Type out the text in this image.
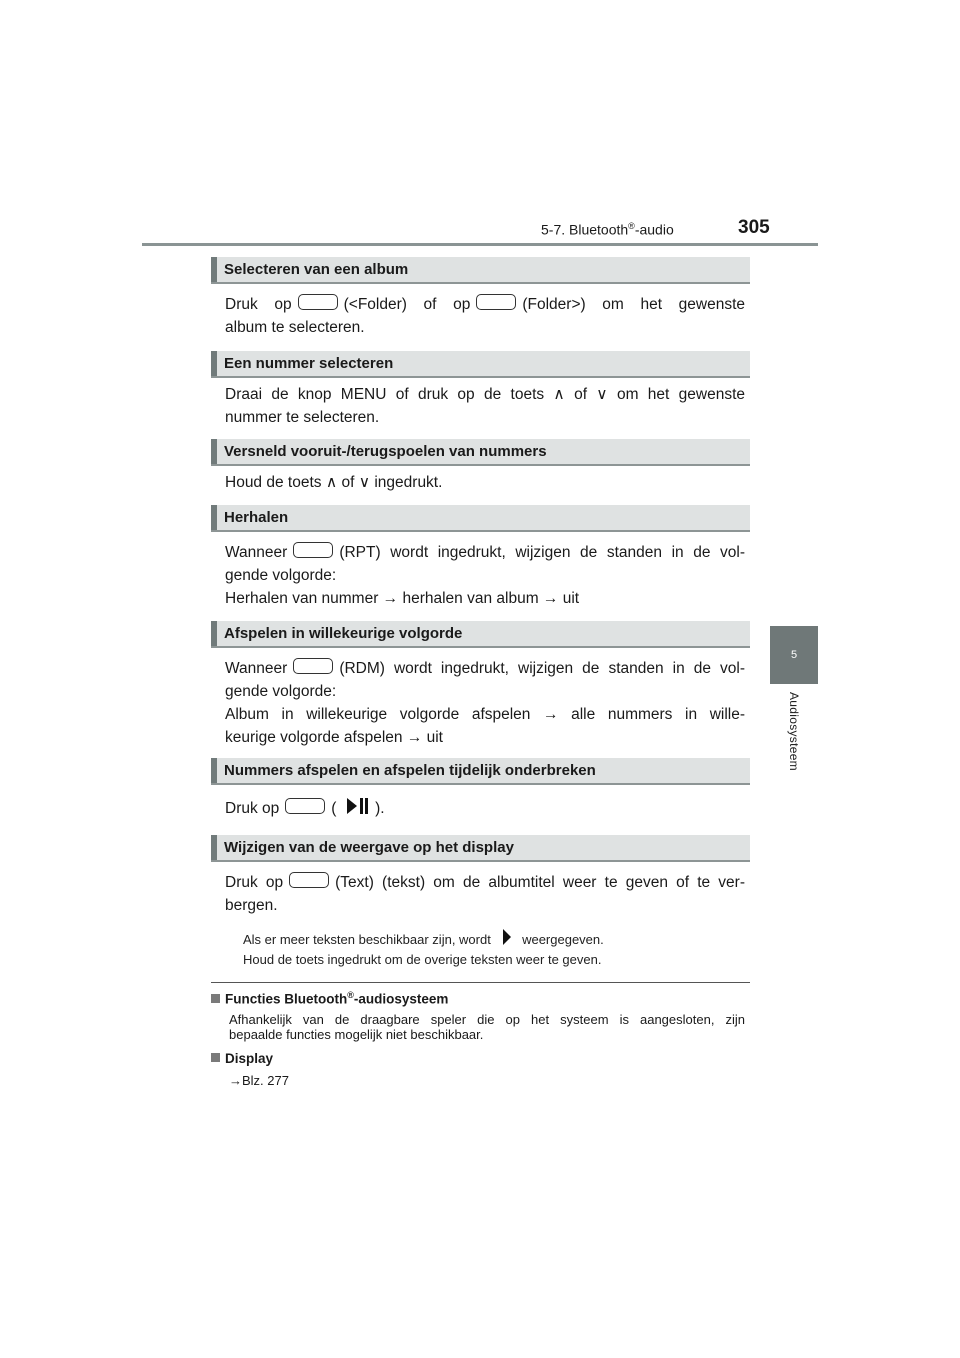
5-7. Bluetooth®-audio	305
5
Audiosysteem
Selecteren van een album
Druk op	(<Folder) of op	(Folder>) om het gewenste
album te selecteren.
Een nummer selecteren
Draai de knop MENU of druk op de toets ∧ of ∨ om het gewenste
nummer te selecteren.
Versneld vooruit-/terugspoelen van nummers
Houd de toets ∧ of ∨ ingedrukt.
Herhalen
Wanneer	(RPT) wordt ingedrukt, wijzigen de standen in de vol-
gende volgorde:
Herhalen van nummer → herhalen van album → uit
Afspelen in willekeurige volgorde
Wanneer	(RDM) wordt ingedrukt, wijzigen de standen in de vol-
gende volgorde:
Album in willekeurige volgorde afspelen → alle nummers in wille-
keurige volgorde afspelen → uit
Nummers afspelen en afspelen tijdelijk onderbreken
Druk op	( ).
Wijzigen van de weergave op het display
Druk op	(Text) (tekst) om de albumtitel weer te geven of te ver-
bergen.
Als er meer teksten beschikbaar zijn, wordt weergegeven.
Houd de toets ingedrukt om de overige teksten weer te geven.
Functies Bluetooth®-audiosysteem
Afhankelijk van de draagbare speler die op het systeem is aangesloten, zijn
bepaalde functies mogelijk niet beschikbaar.
Display
→Blz. 277
